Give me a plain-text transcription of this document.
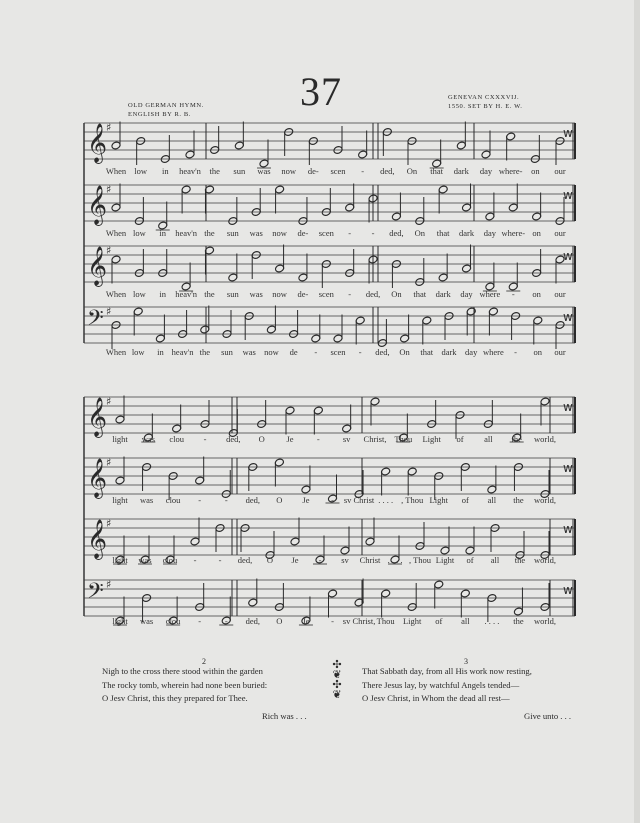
37
OLD GERMAN HYMN.
ENGLISH BY R. B.
GENEVAN CXXXVIJ.
1550. SET BY H. E. W.
𝄞
♯
When low in heav'n the sun was now de- scen - ded, On that dark day where- on our
w
𝄞
♯
When low in heav'n the sun was now de- scen - - ded, On that dark day where- on our
w
𝄞
♯
When low in heav'n the sun was now de- scen - ded, On that dark day where - on our
w
𝄢 ♯
When low in heav'n the sun was now de - scen - ded, On that dark day where - on our
w
𝄞
♯
light was clou - ded, O	Je	-	sv Christ, Thou Light of all the world,
w
𝄞
♯
light was clou -	- ded, O Je	- sv Christ . . . . , Thou Light of all the world,
w
𝄞
♯
light was clou -	- ded, O Je - sv Christ . . . . , Thou Light of all the world,
w
𝄢 ♯
light was clou -	- ded, O Je	- sv Christ, Thou Light of all . . . . the world,
w
2
Nigh to the cross there stood within the garden
The rocky tomb, wherein had none been buried:
O Jesv Christ, this they prepared for Thee.
Rich was . . .
3
That Sabbath day, from all His work now resting,
There Jesus lay, by watchful Angels tended—
O Jesv Christ, in Whom the dead all rest—
Give unto . . .
✣
❦
✣
❦
